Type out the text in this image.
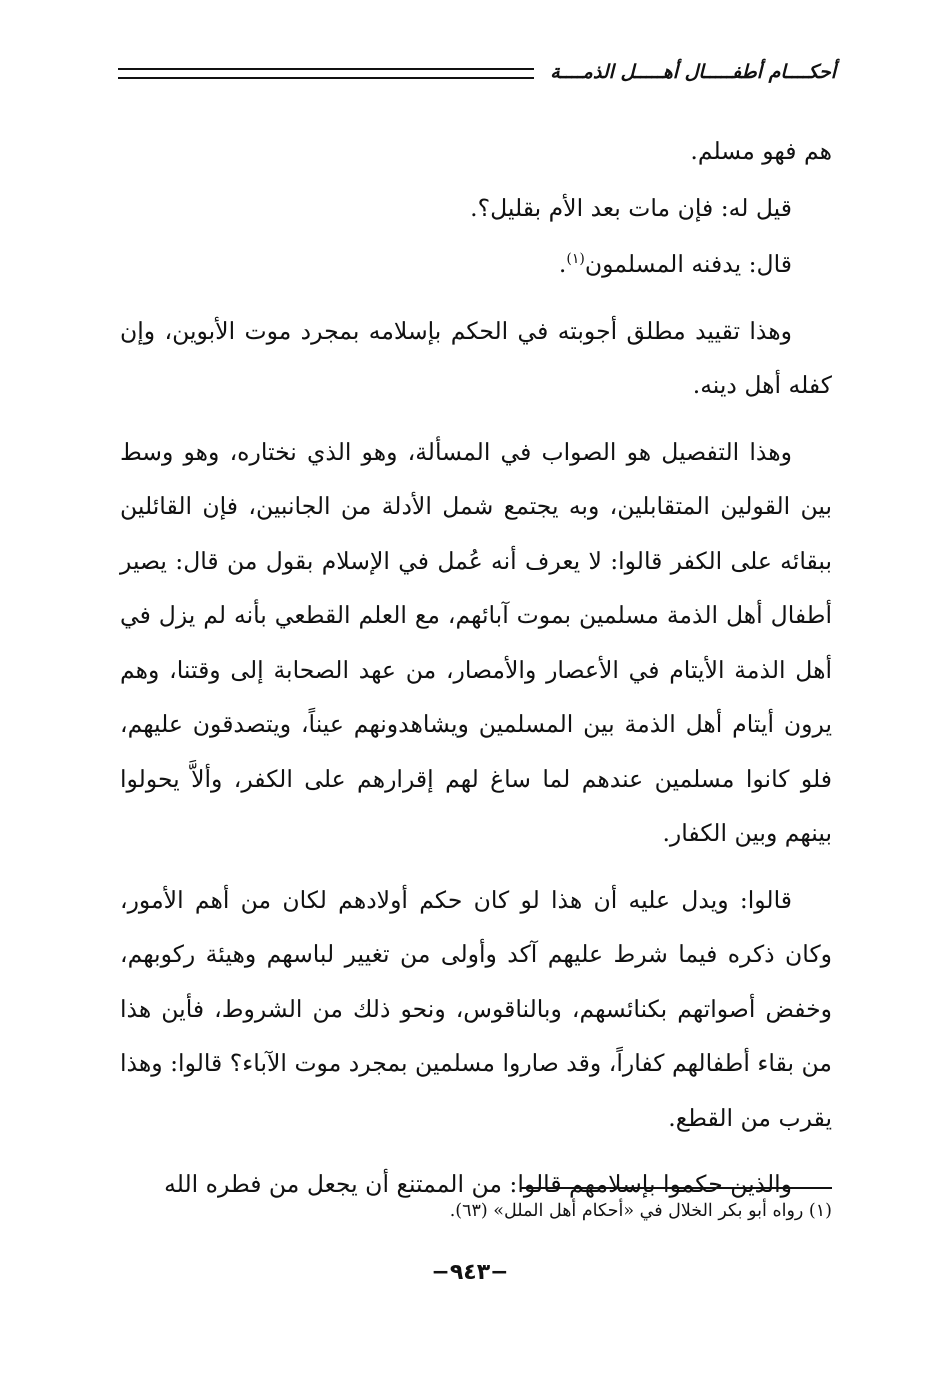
أحكــــام أطفـــــال أهـــــل الذمــــة

هم فهو مسلم.

قيل له: فإن مات بعد الأم بقليل؟.

قال: يدفنه المسلمون$^{(١)}$.

وهذا تقييد مطلق أجوبته في الحكم بإسلامه بمجرد موت الأبوين، وإن كفله أهل دينه.

وهذا التفصيل هو الصواب في المسألة، وهو الذي نختاره، وهو وسط بين القولين المتقابلين، وبه يجتمع شمل الأدلة من الجانبين، فإن القائلين ببقائه على الكفر قالوا: لا يعرف أنه عُمل في الإسلام بقول من قال: يصير أطفال أهل الذمة مسلمين بموت آبائهم، مع العلم القطعي بأنه لم يزل في أهل الذمة الأيتام في الأعصار والأمصار، من عهد الصحابة إلى وقتنا، وهم يرون أيتام أهل الذمة بين المسلمين ويشاهدونهم عيناً، ويتصدقون عليهم، فلو كانوا مسلمين عندهم لما ساغ لهم إقرارهم على الكفر، وألاَّ يحولوا بينهم وبين الكفار.

قالوا: ويدل عليه أن هذا لو كان حكم أولادهم لكان من أهم الأمور، وكان ذكره فيما شرط عليهم آكد وأولى من تغيير لباسهم وهيئة ركوبهم، وخفض أصواتهم بكنائسهم، وبالناقوس، ونحو ذلك من الشروط، فأين هذا من بقاء أطفالهم كفاراً، وقد صاروا مسلمين بمجرد موت الآباء؟ قالوا: وهذا يقرب من القطع.

والذين حكموا بإسلامهم قالوا: من الممتنع أن يجعل من فطره الله

(١) رواه أبو بكر الخلال في «أحكام أهل الملل» (٦٣).
−٩٤٣−
